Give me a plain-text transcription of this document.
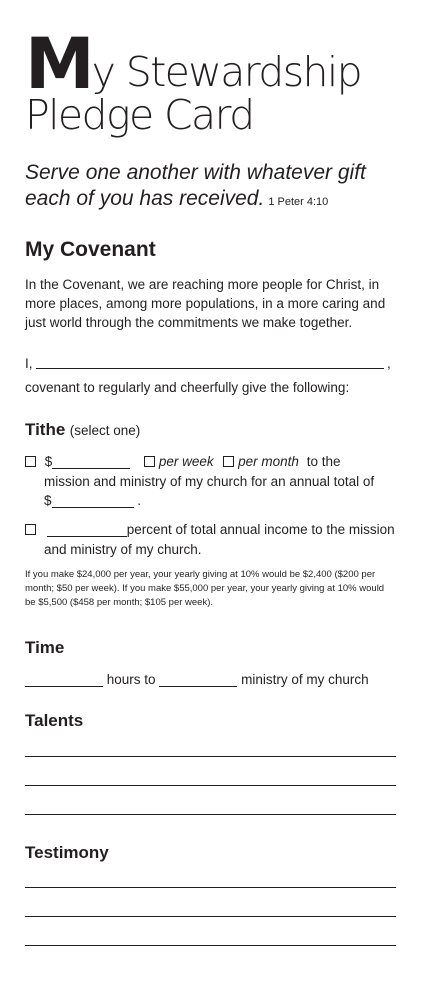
My Stewardship
Pledge Card
Serve one another with whatever gift each of you has received. 1 Peter 4:10
My Covenant
In the Covenant, we are reaching more people for Christ, in more places, among more populations, in a more caring and just world through the commitments we make together.
I,	,
covenant to regularly and cheerfully give the following:
Tithe (select one)
$	per week per month to the
mission and ministry of my church for an annual total of
$	.
percent of total annual income to the mission
and ministry of my church.
If you make $24,000 per year, your yearly giving at 10% would be $2,400 ($200 per month; $50 per week). If you make $55,000 per year, your yearly giving at 10% would be $5,500 ($458 per month; $105 per week).
Time
hours to	ministry of my church
Talents
Testimony
